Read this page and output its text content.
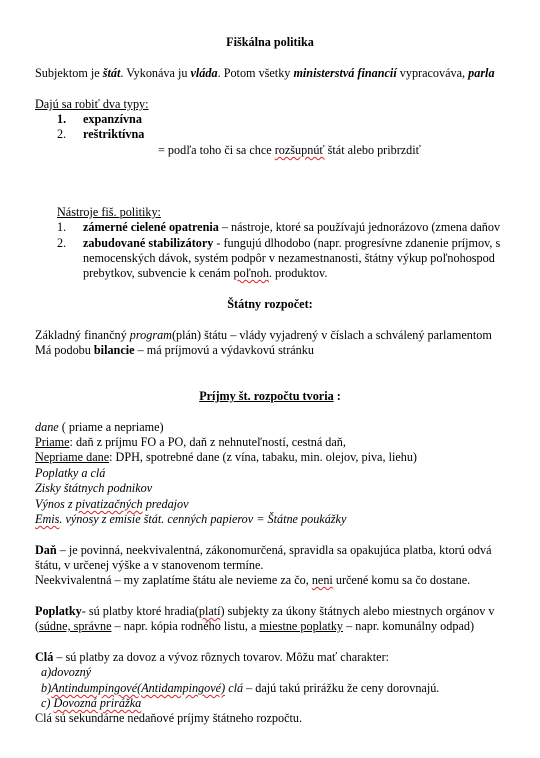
Fiškálna politika
Subjektom je štát. Vykonáva ju vláda. Potom všetky ministerstvá financií vypracováva, parla
Dajú sa robiť dva typy:
1. expanzívna
2. reštriktívna
= podľa toho či sa chce rozšupnúť štát alebo pribrzdiť
Nástroje fiš. politiky:
1. zámerné cielené opatrenia – nástroje, ktoré sa používajú jednorázovo (zmena daňov
2. zabudované stabilizátory - fungujú dlhodobo (napr. progresívne zdanenie príjmov, s
nemocenských dávok, systém podpôr v nezamestnanosti, štátny výkup poľnohospod
prebytkov, subvencie k cenám poľnoh. produktov.
Štátny rozpočet:
Základný finančný program(plán) štátu – vlády vyjadrený v číslach a schválený parlamentom
Má podobu bilancie – má príjmovú a výdavkovú stránku
Príjmy št. rozpočtu tvoria :
dane ( priame a nepriame)
Priame: daň z príjmu FO a PO, daň z nehnuteľností, cestná daň,
Nepriame dane: DPH, spotrebné dane (z vína, tabaku, min. olejov, piva, liehu)
Poplatky a clá
Zisky štátnych podnikov
Výnos z pivatizačných predajov
Emis. výnosy z emisie štát. cenných papierov = Štátne poukážky
Daň – je povinná, neekvivalentná, zákonomurčená, spravidla sa opakujúca platba, ktorú odvá
štátu, v určenej výške a v stanovenom termíne.
Neekvivalentná – my zaplatíme štátu ale nevieme za čo, neni určené komu sa čo dostane.
Poplatky- sú platby ktoré hradia(platí) subjekty za úkony štátnych alebo miestnych orgánov v
(súdne, správne – napr. kópia rodného listu, a miestne poplatky – napr. komunálny odpad)
Clá – sú platby za dovoz a vývoz rôznych tovarov. Môžu mať charakter:
a)dovozný
b)Antindumpingové(Antidampingové) clá – dajú takú prirážku že ceny dorovnajú.
c) Dovozná prirážka
Clá sú sekundárne nedaňové príjmy štátneho rozpočtu.
